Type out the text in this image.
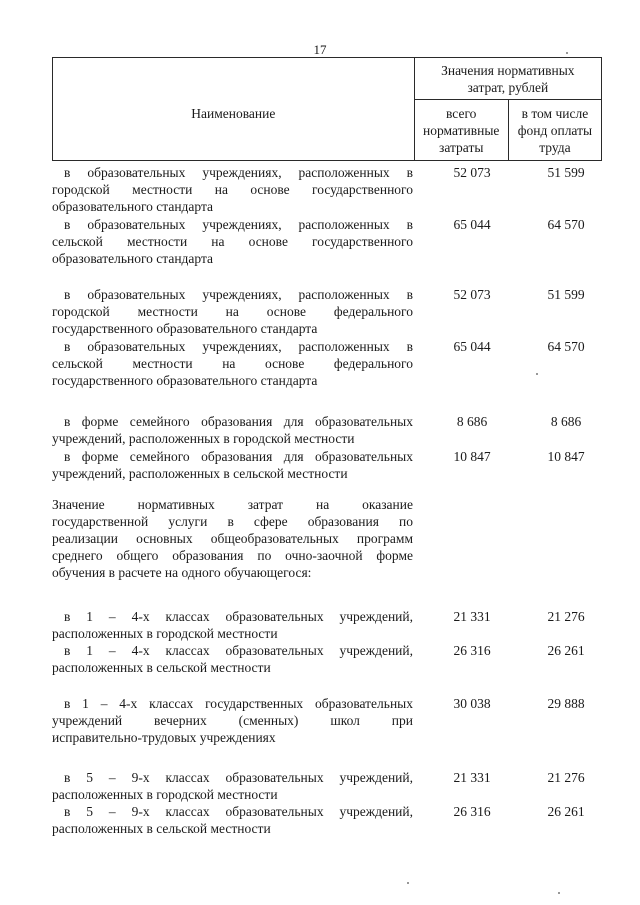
17
Наименование	Значения нормативных затрат, рублей	
	всего нормативные затраты	в том числе фонд оплаты труда
в образовательных учреждениях, расположенных в
городской местности на основе государственного
образовательного стандарта
52 073	51 599
в образовательных учреждениях, расположенных в
сельской местности на основе государственного
образовательного стандарта
65 044	64 570
в образовательных учреждениях, расположенных в
городской местности на основе федерального
государственного образовательного стандарта
52 073	51 599
в образовательных учреждениях, расположенных в
сельской местности на основе федерального
государственного образовательного стандарта
65 044	64 570
в форме семейного образования для образовательных
учреждений, расположенных в городской местности
8 686	8 686
в форме семейного образования для образовательных
учреждений, расположенных в сельской местности
10 847	10 847
Значение нормативных затрат на оказание
государственной услуги в сфере образования по
реализации основных общеобразовательных программ
среднего общего образования по очно-заочной форме
обучения в расчете на одного обучающегося:
в 1 – 4-х классах образовательных учреждений,
расположенных в городской местности
21 331	21 276
в 1 – 4-х классах образовательных учреждений,
расположенных в сельской местности
26 316	26 261
в 1 – 4-х классах государственных образовательных
учреждений вечерних (сменных) школ при
исправительно-трудовых учреждениях
30 038	29 888
в 5 – 9-х классах образовательных учреждений,
расположенных в городской местности
21 331	21 276
в 5 – 9-х классах образовательных учреждений,
расположенных в сельской местности
26 316	26 261
